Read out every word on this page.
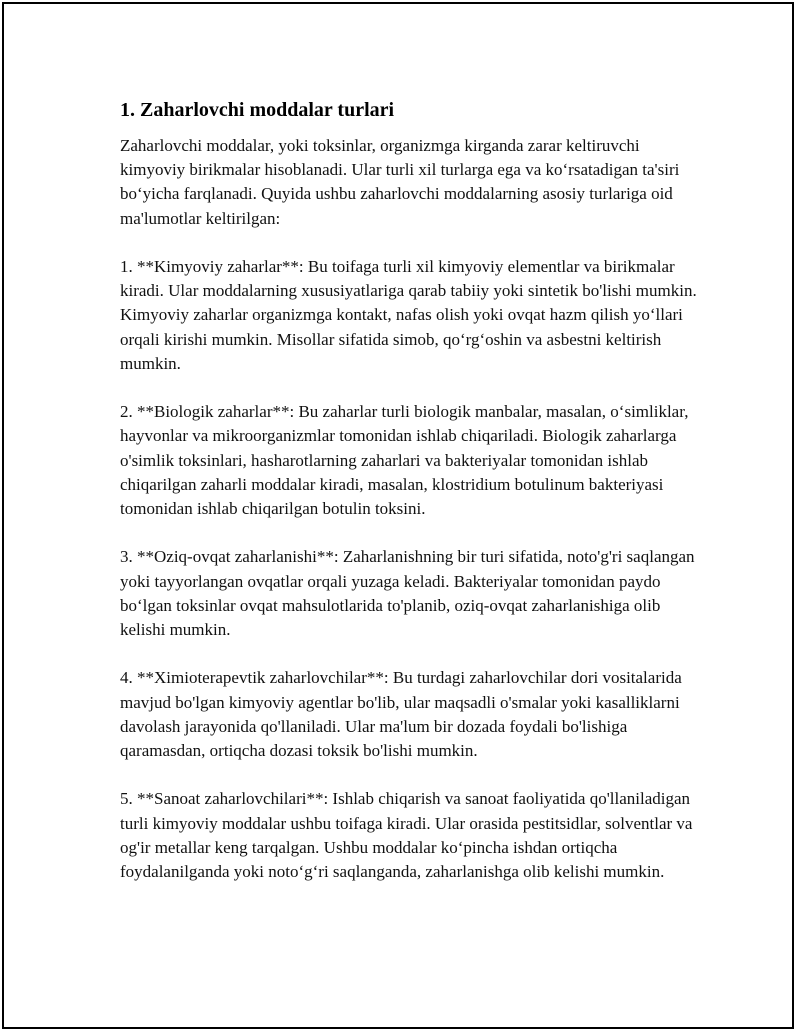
1. Zaharlovchi moddalar turlari

Zaharlovchi moddalar, yoki toksinlar, organizmga kirganda zarar keltiruvchi kimyoviy birikmalar hisoblanadi. Ular turli xil turlarga ega va ko‘rsatadigan ta'siri bo‘yicha farqlanadi. Quyida ushbu zaharlovchi moddalarning asosiy turlariga oid ma'lumotlar keltirilgan:

1. **Kimyoviy zaharlar**: Bu toifaga turli xil kimyoviy elementlar va birikmalar kiradi. Ular moddalarning xususiyatlariga qarab tabiiy yoki sintetik bo'lishi mumkin. Kimyoviy zaharlar organizmga kontakt, nafas olish yoki ovqat hazm qilish yo‘llari orqali kirishi mumkin. Misollar sifatida simob, qo‘rg‘oshin va asbestni keltirish mumkin.

2. **Biologik zaharlar**: Bu zaharlar turli biologik manbalar, masalan, o‘simliklar, hayvonlar va mikroorganizmlar tomonidan ishlab chiqariladi. Biologik zaharlarga o'simlik toksinlari, hasharotlarning zaharlari va bakteriyalar tomonidan ishlab chiqarilgan zaharli moddalar kiradi, masalan, klostridium botulinum bakteriyasi tomonidan ishlab chiqarilgan botulin toksini.

3. **Oziq-ovqat zaharlanishi**: Zaharlanishning bir turi sifatida, noto'g'ri saqlangan yoki tayyorlangan ovqatlar orqali yuzaga keladi. Bakteriyalar tomonidan paydo bo‘lgan toksinlar ovqat mahsulotlarida to'planib, oziq-ovqat zaharlanishiga olib kelishi mumkin.

4. **Ximioterapevtik zaharlovchilar**: Bu turdagi zaharlovchilar dori vositalarida mavjud bo'lgan kimyoviy agentlar bo'lib, ular maqsadli o'smalar yoki kasalliklarni davolash jarayonida qo'llaniladi. Ular ma'lum bir dozada foydali bo'lishiga qaramasdan, ortiqcha dozasi toksik bo'lishi mumkin.

5. **Sanoat zaharlovchilari**: Ishlab chiqarish va sanoat faoliyatida qo'llaniladigan turli kimyoviy moddalar ushbu toifaga kiradi. Ular orasida pestitsidlar, solventlar va og'ir metallar keng tarqalgan. Ushbu moddalar ko‘pincha ishdan ortiqcha foydalanilganda yoki noto‘g‘ri saqlanganda, zaharlanishga olib kelishi mumkin.
